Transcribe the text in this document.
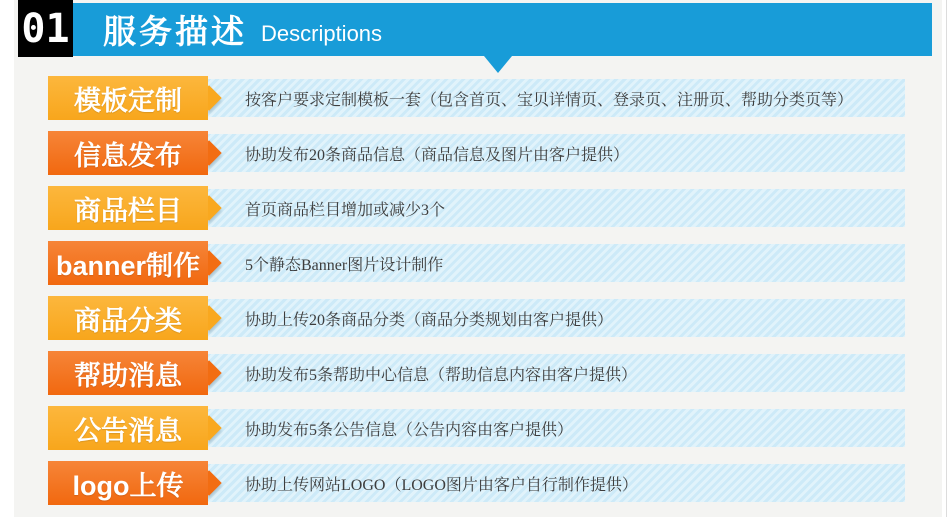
01 服务描述 Descriptions
按客户要求定制模板一套（包含首页、宝贝详情页、登录页、注册页、帮助分类页等）
模板定制
协助发布20条商品信息（商品信息及图片由客户提供）
信息发布
首页商品栏目增加或减少3个
商品栏目
5个静态Banner图片设计制作
banner制作
协助上传20条商品分类（商品分类规划由客户提供）
商品分类
协助发布5条帮助中心信息（帮助信息内容由客户提供）
帮助消息
协助发布5条公告信息（公告内容由客户提供）
公告消息
协助上传网站LOGO（LOGO图片由客户自行制作提供）
logo上传
